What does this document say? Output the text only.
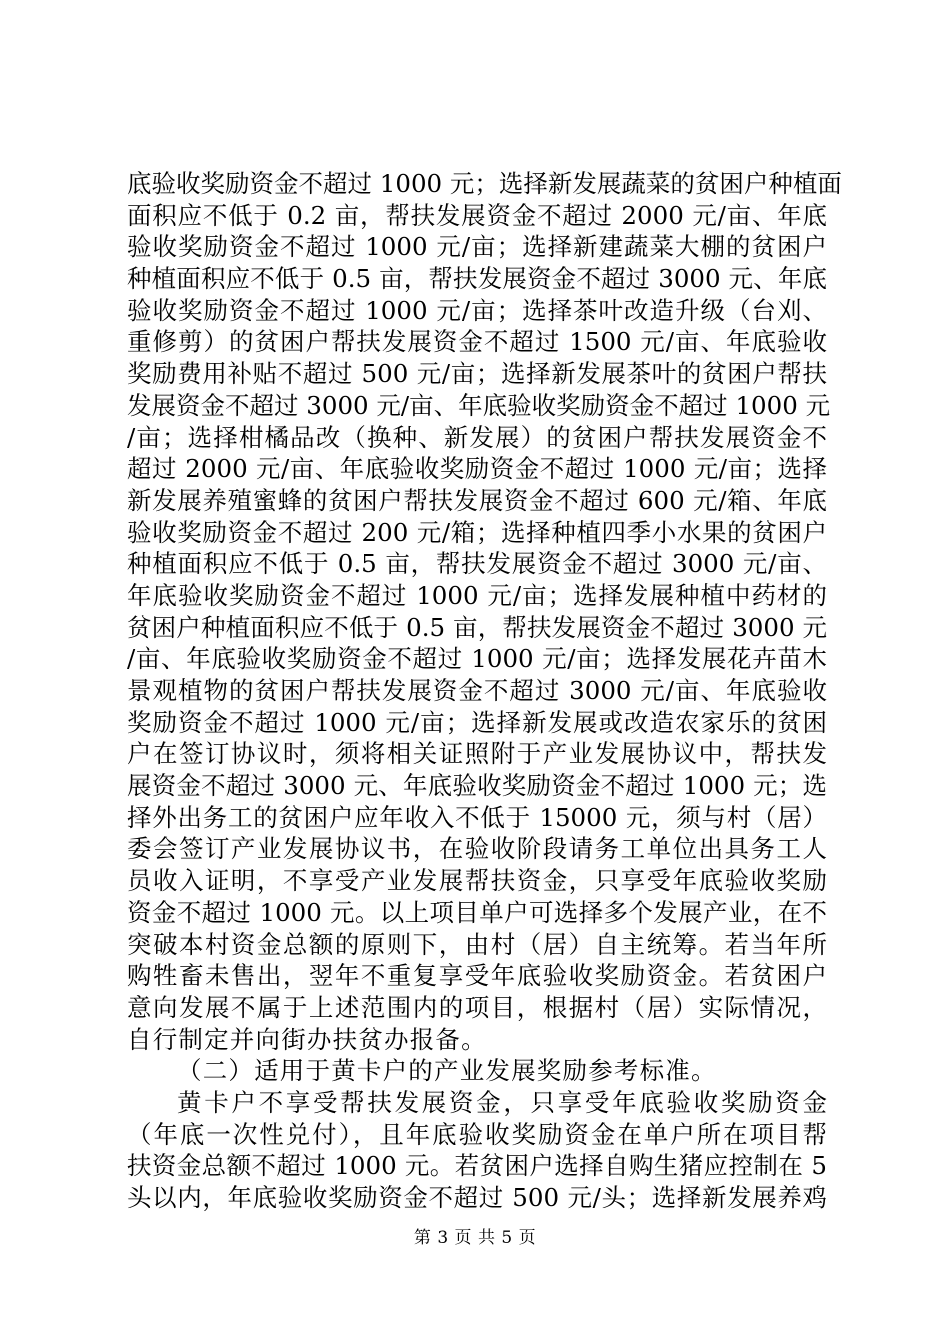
底验收奖励资金不超过 1000 元；选择新发展蔬菜的贫困户种植面
面积应不低于 0.2 亩，帮扶发展资金不超过 2000 元/亩、年底
验收奖励资金不超过 1000 元/亩；选择新建蔬菜大棚的贫困户
种植面积应不低于 0.5 亩，帮扶发展资金不超过 3000 元、年底
验收奖励资金不超过 1000 元/亩；选择茶叶改造升级（台刈、
重修剪）的贫困户帮扶发展资金不超过 1500 元/亩、年底验收
奖励费用补贴不超过 500 元/亩；选择新发展茶叶的贫困户帮扶
发展资金不超过 3000 元/亩、年底验收奖励资金不超过 1000 元
/亩；选择柑橘品改（换种、新发展）的贫困户帮扶发展资金不
超过 2000 元/亩、年底验收奖励资金不超过 1000 元/亩；选择
新发展养殖蜜蜂的贫困户帮扶发展资金不超过 600 元/箱、年底
验收奖励资金不超过 200 元/箱；选择种植四季小水果的贫困户
种植面积应不低于 0.5 亩，帮扶发展资金不超过 3000 元/亩、
年底验收奖励资金不超过 1000 元/亩；选择发展种植中药材的
贫困户种植面积应不低于 0.5 亩，帮扶发展资金不超过 3000 元
/亩、年底验收奖励资金不超过 1000 元/亩；选择发展花卉苗木
景观植物的贫困户帮扶发展资金不超过 3000 元/亩、年底验收
奖励资金不超过 1000 元/亩；选择新发展或改造农家乐的贫困
户在签订协议时，须将相关证照附于产业发展协议中，帮扶发
展资金不超过 3000 元、年底验收奖励资金不超过 1000 元；选
择外出务工的贫困户应年收入不低于 15000 元，须与村（居）
委会签订产业发展协议书，在验收阶段请务工单位出具务工人
员收入证明，不享受产业发展帮扶资金，只享受年底验收奖励
资金不超过 1000 元。以上项目单户可选择多个发展产业，在不
突破本村资金总额的原则下，由村（居）自主统筹。若当年所
购牲畜未售出，翌年不重复享受年底验收奖励资金。若贫困户
意向发展不属于上述范围内的项目，根据村（居）实际情况，
自行制定并向街办扶贫办报备。
（二）适用于黄卡户的产业发展奖励参考标准。
黄卡户不享受帮扶发展资金，只享受年底验收奖励资金
（年底一次性兑付），且年底验收奖励资金在单户所在项目帮
扶资金总额不超过 1000 元。若贫困户选择自购生猪应控制在 5
头以内，年底验收奖励资金不超过 500 元/头；选择新发展养鸡
第 3 页 共 5 页
